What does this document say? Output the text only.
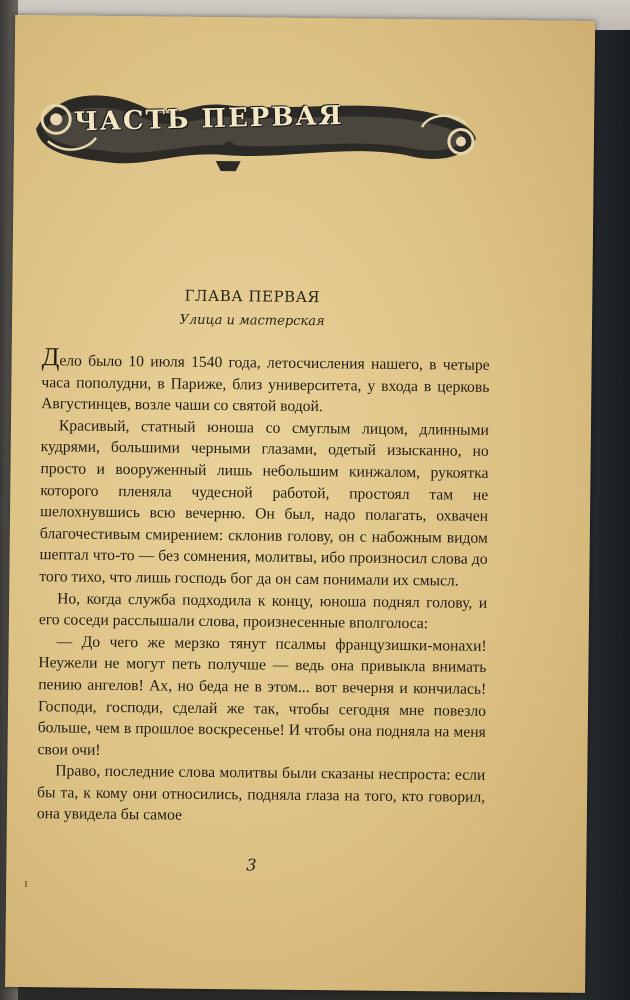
ЧАСТЬ ПЕРВАЯ
ГЛАВА ПЕРВАЯ
Улица и мастерская

Дело было 10 июля 1540 года, летосчисления нашего, в четыре часа пополудни, в Париже, близ университета, у входа в церковь Августинцев, возле чаши со святой водой.

Красивый, статный юноша со смуглым лицом, длинными кудрями, большими черными глазами, одетый изысканно, но просто и вооруженный лишь небольшим кинжалом, рукоятка которого пленяла чудесной работой, простоял там не шелохнувшись всю вечерню. Он был, надо полагать, охвачен благочестивым смирением: склонив голову, он с набожным видом шептал что-то — без сомнения, молитвы, ибо произносил слова до того тихо, что лишь господь бог да он сам понимали их смысл.

Но, когда служба подходила к концу, юноша поднял голову, и его соседи расслышали слова, произнесенные вполголоса:

— До чего же мерзко тянут псалмы французишки-монахи! Неужели не могут петь получше — ведь она привыкла внимать пению ангелов! Ах, но беда не в этом... вот вечерня и кончилась! Господи, господи, сделай же так, чтобы сегодня мне повезло больше, чем в прошлое воскресенье! И чтобы она подняла на меня свои очи!

Право, последние слова молитвы были сказаны неспроста: если бы та, к кому они относились, подняла глаза на того, кто говорил, она увидела бы самое

3
ᵻ
